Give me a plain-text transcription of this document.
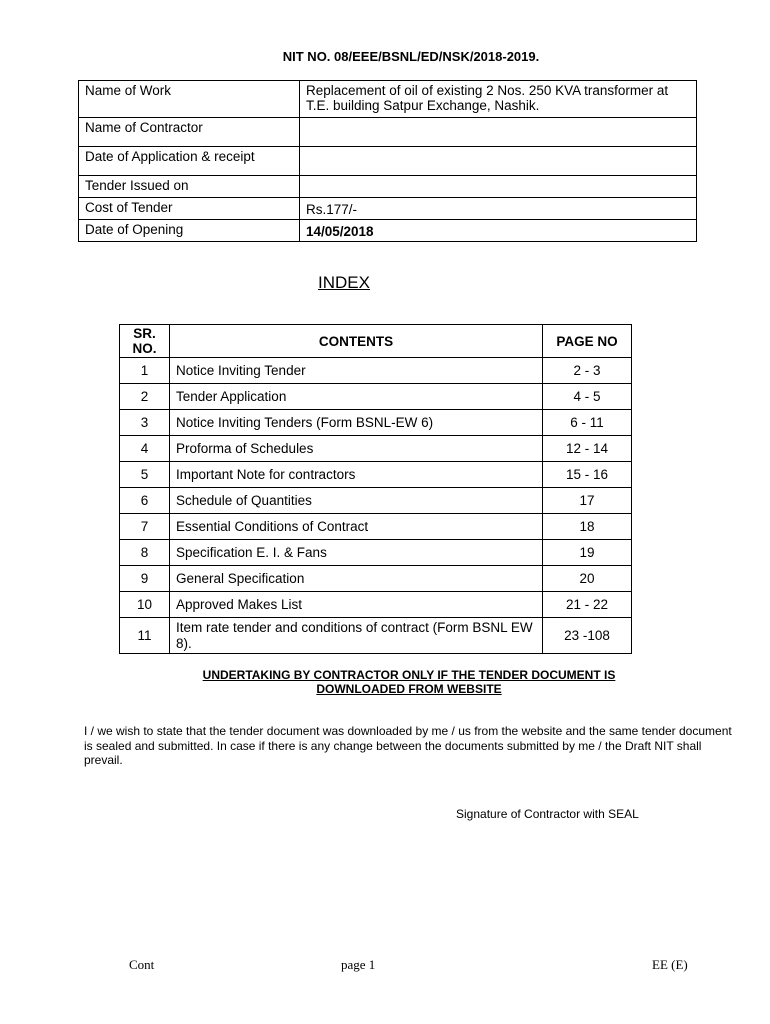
NIT NO. 08/EEE/BSNL/ED/NSK/2018-2019.
Name of Work	Replacement of oil of existing 2 Nos. 250 KVA transformer at T.E. building Satpur Exchange, Nashik.
Name of Contractor	
Date of Application & receipt	
Tender Issued on	
Cost of Tender	Rs.177/-
Date of Opening	14/05/2018
INDEX
SR. NO.	CONTENTS	PAGE NO
1	Notice Inviting Tender	2 - 3
2	Tender Application	4 - 5
3	Notice Inviting Tenders (Form BSNL-EW 6)	6 - 11
4	Proforma of Schedules	12 - 14
5	Important Note for contractors	15 - 16
6	Schedule of Quantities	17
7	Essential Conditions of Contract	18
8	Specification E. I. & Fans	19
9	General Specification	20
10	Approved Makes List	21 - 22
11	Item rate tender and conditions of contract (Form BSNL EW 8).	23 -108
UNDERTAKING BY CONTRACTOR ONLY IF THE TENDER DOCUMENT IS DOWNLOADED FROM WEBSITE
I / we wish to state that the tender document was downloaded by me / us from the website and the same tender document is sealed and submitted. In case if there is any change between the documents submitted by me / the Draft NIT shall prevail.
Signature of Contractor with SEAL
Cont	page 1	EE (E)
